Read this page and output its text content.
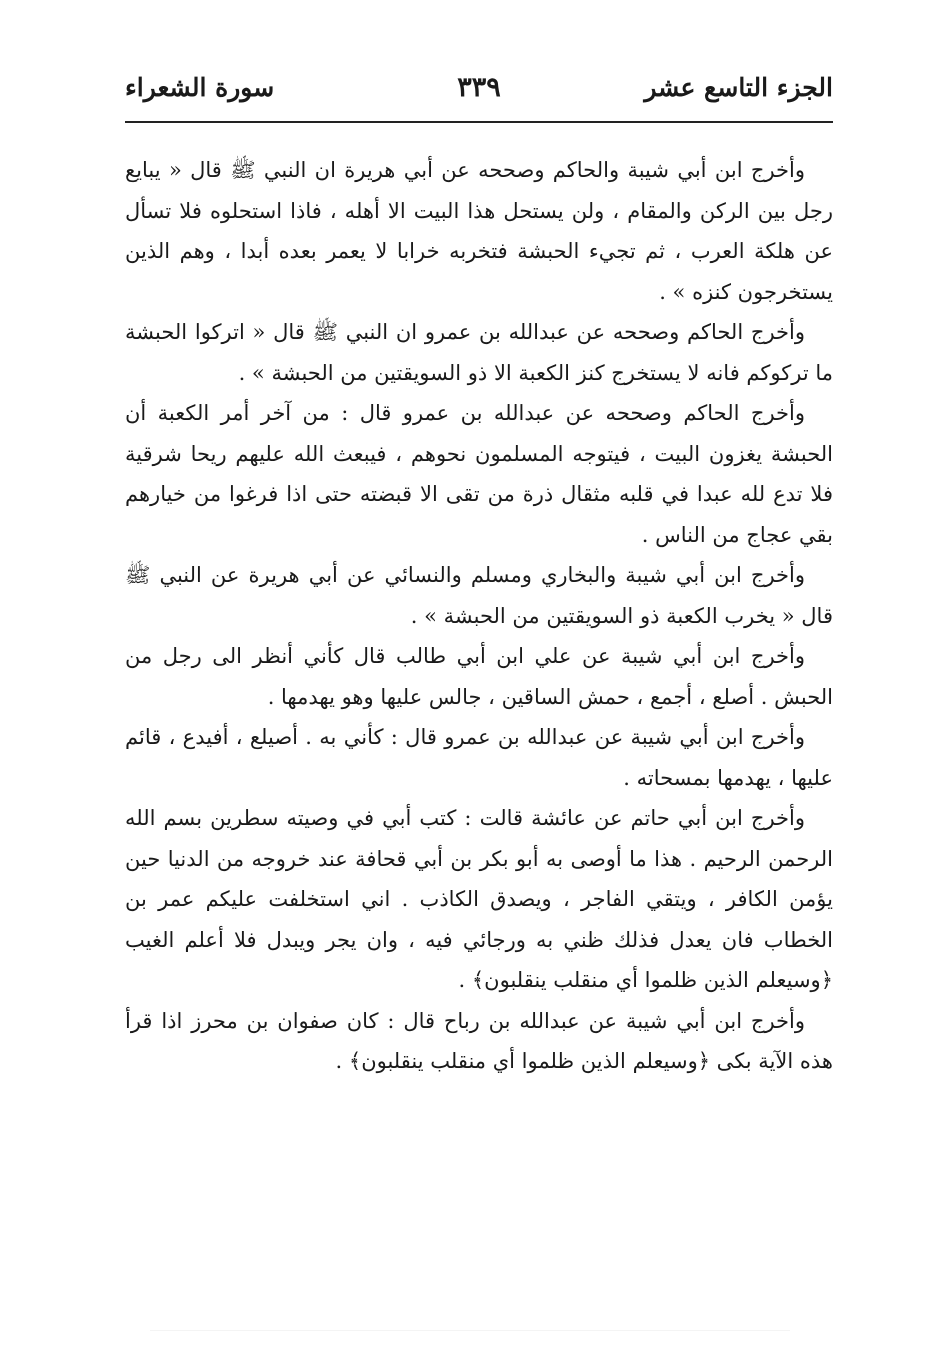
الجزء التاسع عشر
٣٣٩
سورة الشعراء

وأخرج ابن أبي شيبة والحاكم وصححه عن أبي هريرة ان النبي ﷺ قال « يبايع رجل بين الركن والمقام ، ولن يستحل هذا البيت الا أهله ، فاذا استحلوه فلا تسأل عن هلكة العرب ، ثم تجيء الحبشة فتخربه خرابا لا يعمر بعده أبدا ، وهم الذين يستخرجون كنزه » .

وأخرج الحاكم وصححه عن عبدالله بن عمرو ان النبي ﷺ قال « اتركوا الحبشة ما تركوكم فانه لا يستخرج كنز الكعبة الا ذو السويقتين من الحبشة » .

وأخرج الحاكم وصححه عن عبدالله بن عمرو قال : من آخر أمر الكعبة أن الحبشة يغزون البيت ، فيتوجه المسلمون نحوهم ، فيبعث الله عليهم ريحا شرقية فلا تدع لله عبدا في قلبه مثقال ذرة من تقى الا قبضته حتى اذا فرغوا من خيارهم بقي عجاج من الناس .

وأخرج ابن أبي شيبة والبخاري ومسلم والنسائي عن أبي هريرة عن النبي ﷺ قال « يخرب الكعبة ذو السويقتين من الحبشة » .

وأخرج ابن أبي شيبة عن علي ابن أبي طالب قال كأني أنظر الى رجل من الحبش . أصلع ، أجمع ، حمش الساقين ، جالس عليها وهو يهدمها .

وأخرج ابن أبي شيبة عن عبدالله بن عمرو قال : كأني به . أصيلع ، أفيدع ، قائم عليها ، يهدمها بمسحاته .

وأخرج ابن أبي حاتم عن عائشة قالت : كتب أبي في وصيته سطرين بسم الله الرحمن الرحيم . هذا ما أوصى به أبو بكر بن أبي قحافة عند خروجه من الدنيا حين يؤمن الكافر ، ويتقي الفاجر ، ويصدق الكاذب . اني استخلفت عليكم عمر بن الخطاب فان يعدل فذلك ظني به ورجائي فيه ، وان يجر ويبدل فلا أعلم الغيب ﴿وسيعلم الذين ظلموا أي منقلب ينقلبون﴾ .

وأخرج ابن أبي شيبة عن عبدالله بن رباح قال : كان صفوان بن محرز اذا قرأ هذه الآية بكى ﴿وسيعلم الذين ظلموا أي منقلب ينقلبون﴾ .
